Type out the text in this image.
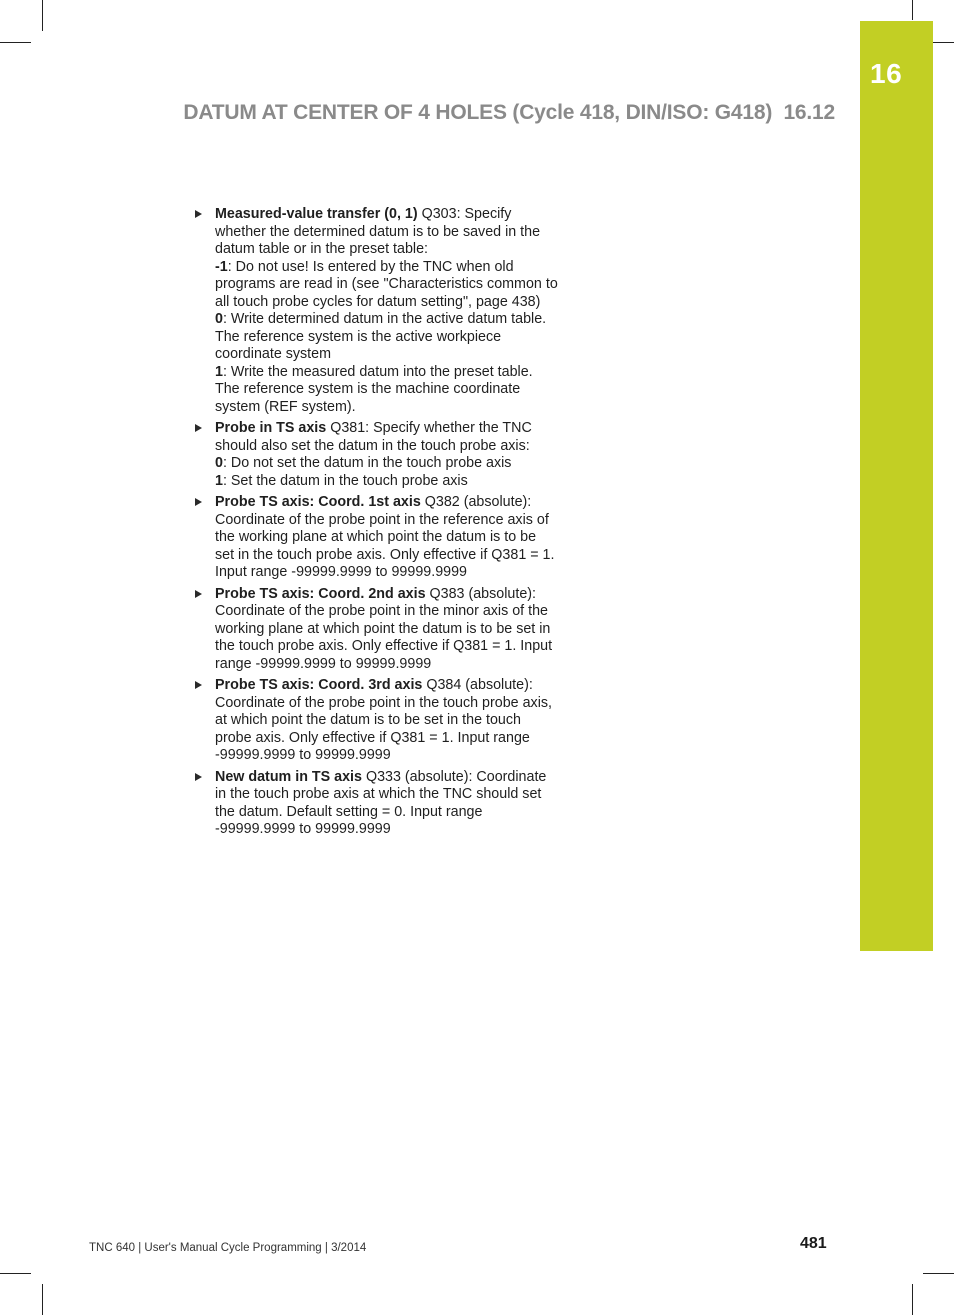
16
DATUM AT CENTER OF 4 HOLES (Cycle 418, DIN/ISO: G418) 16.12
Measured-value transfer (0, 1) Q303: Specify whether the determined datum is to be saved in the datum table or in the preset table:
-1: Do not use! Is entered by the TNC when old programs are read in (see "Characteristics common to all touch probe cycles for datum setting", page 438)
0: Write determined datum in the active datum table. The reference system is the active workpiece coordinate system
1: Write the measured datum into the preset table. The reference system is the machine coordinate system (REF system).
Probe in TS axis Q381: Specify whether the TNC should also set the datum in the touch probe axis:
0: Do not set the datum in the touch probe axis
1: Set the datum in the touch probe axis
Probe TS axis: Coord. 1st axis Q382 (absolute): Coordinate of the probe point in the reference axis of the working plane at which point the datum is to be set in the touch probe axis. Only effective if Q381 = 1. Input range -99999.9999 to 99999.9999
Probe TS axis: Coord. 2nd axis Q383 (absolute): Coordinate of the probe point in the minor axis of the working plane at which point the datum is to be set in the touch probe axis. Only effective if Q381 = 1. Input range -99999.9999 to 99999.9999
Probe TS axis: Coord. 3rd axis Q384 (absolute): Coordinate of the probe point in the touch probe axis, at which point the datum is to be set in the touch probe axis. Only effective if Q381 = 1. Input range -99999.9999 to 99999.9999
New datum in TS axis Q333 (absolute): Coordinate in the touch probe axis at which the TNC should set the datum. Default setting = 0. Input range -99999.9999 to 99999.9999
TNC 640 | User's Manual Cycle Programming | 3/2014	481
